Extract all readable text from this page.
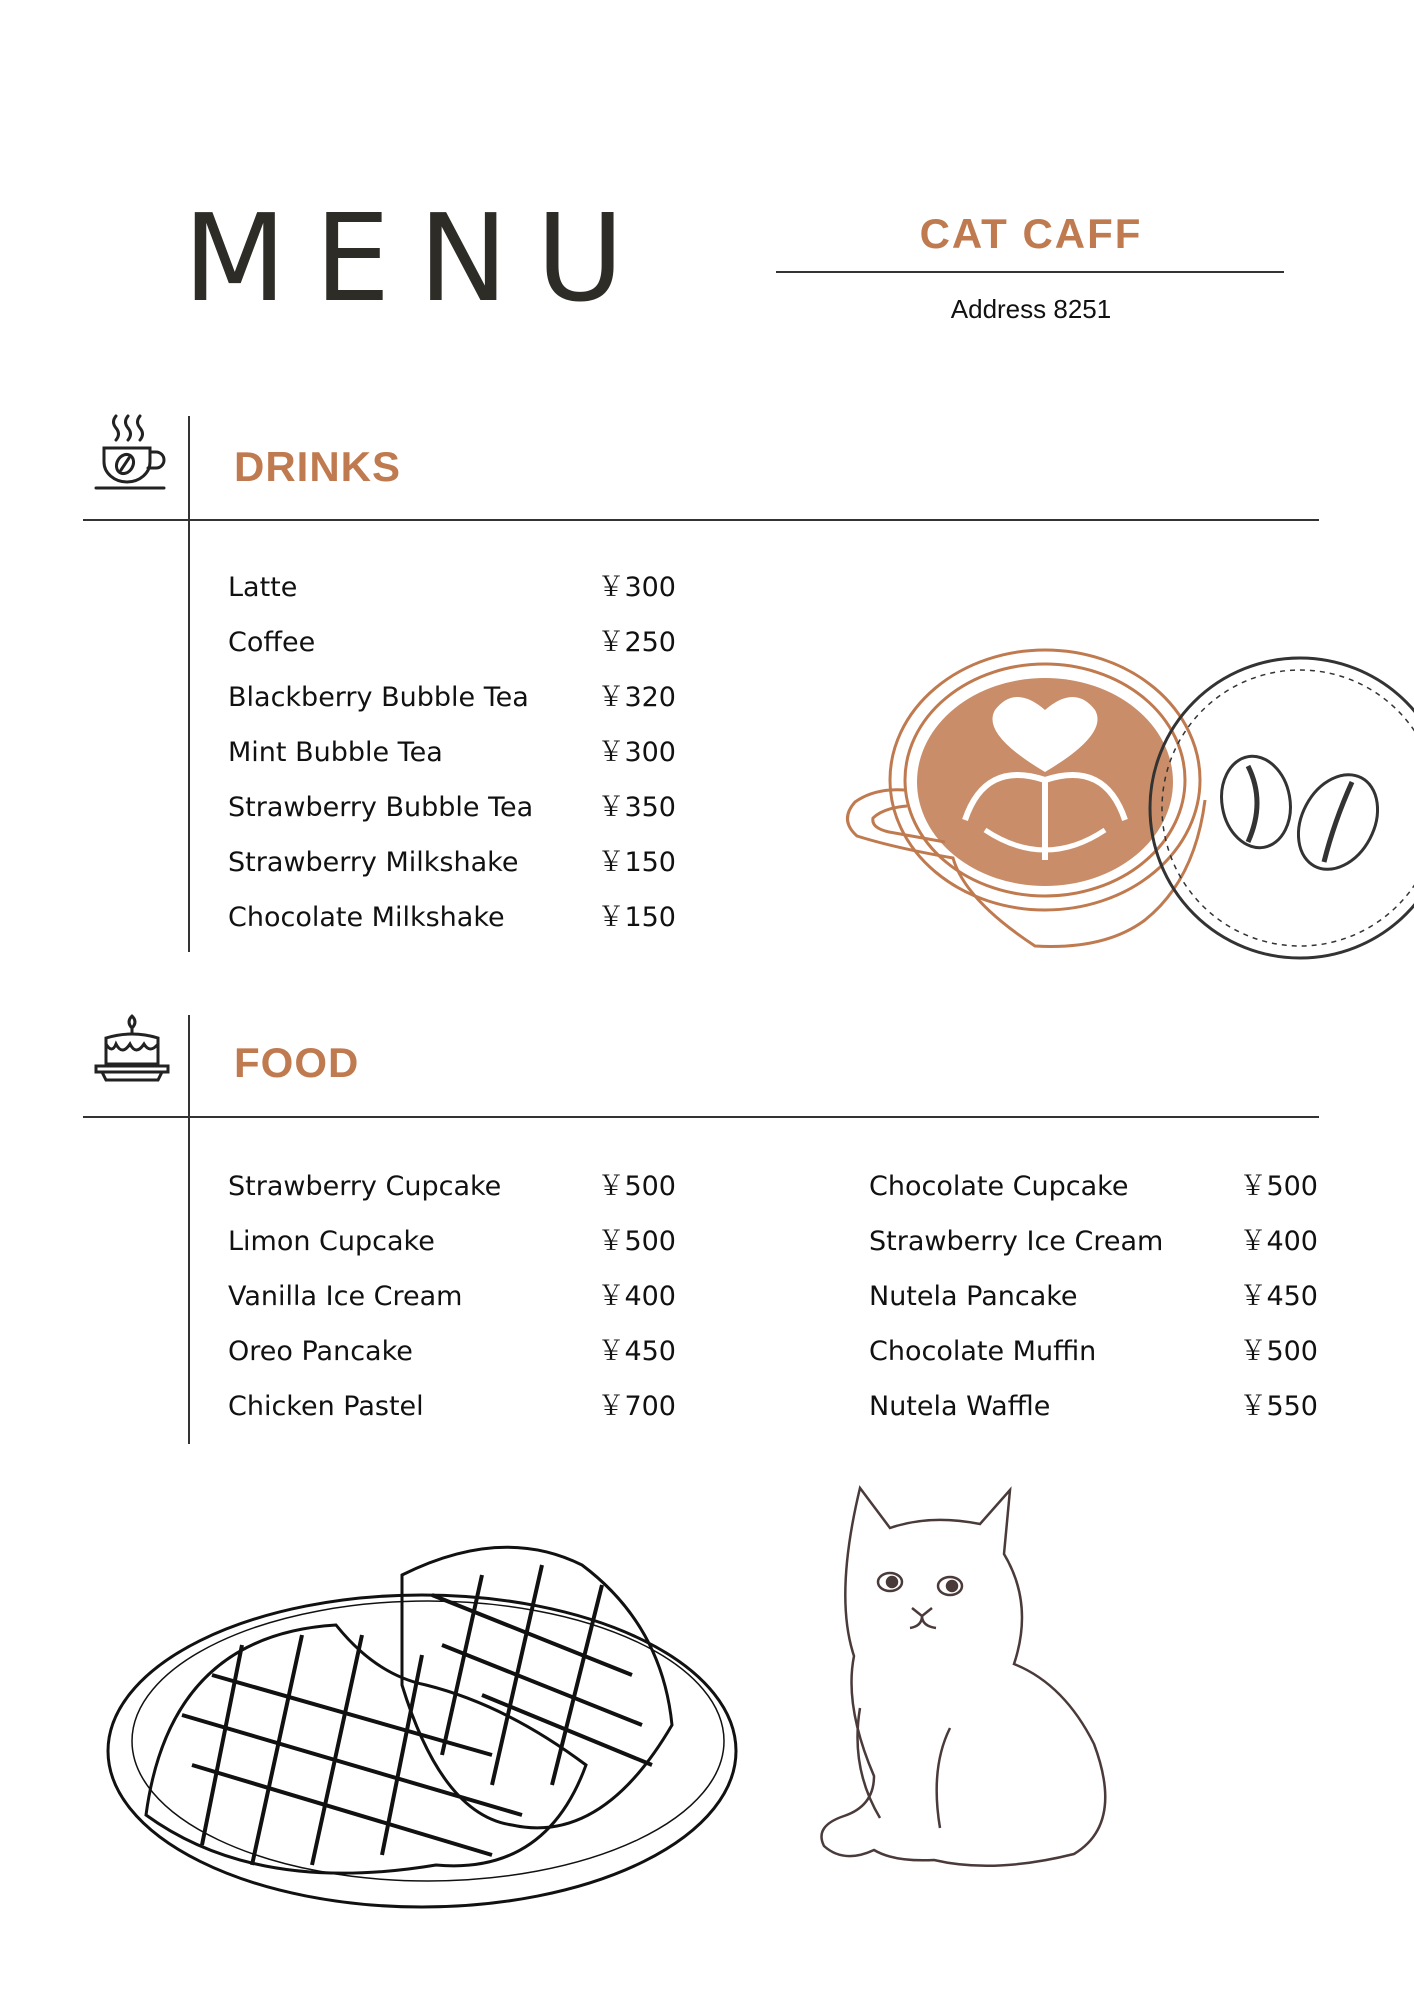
MENU	CAT CAFF
Address 8251
DRINKS
Latte	￥300
Coffee	￥250
Blackberry Bubble Tea	￥320
Mint Bubble Tea	￥300
Strawberry Bubble Tea	￥350
Strawberry Milkshake	￥150
Chocolate Milkshake	￥150
FOOD
Strawberry Cupcake	￥500
Limon Cupcake	￥500
Vanilla Ice Cream	￥400
Oreo Pancake	￥450
Chicken Pastel	￥700
Chocolate Cupcake	￥500
Strawberry Ice Cream	￥400
Nutela Pancake	￥450
Chocolate Muffin	￥500
Nutela Waffle	￥550
